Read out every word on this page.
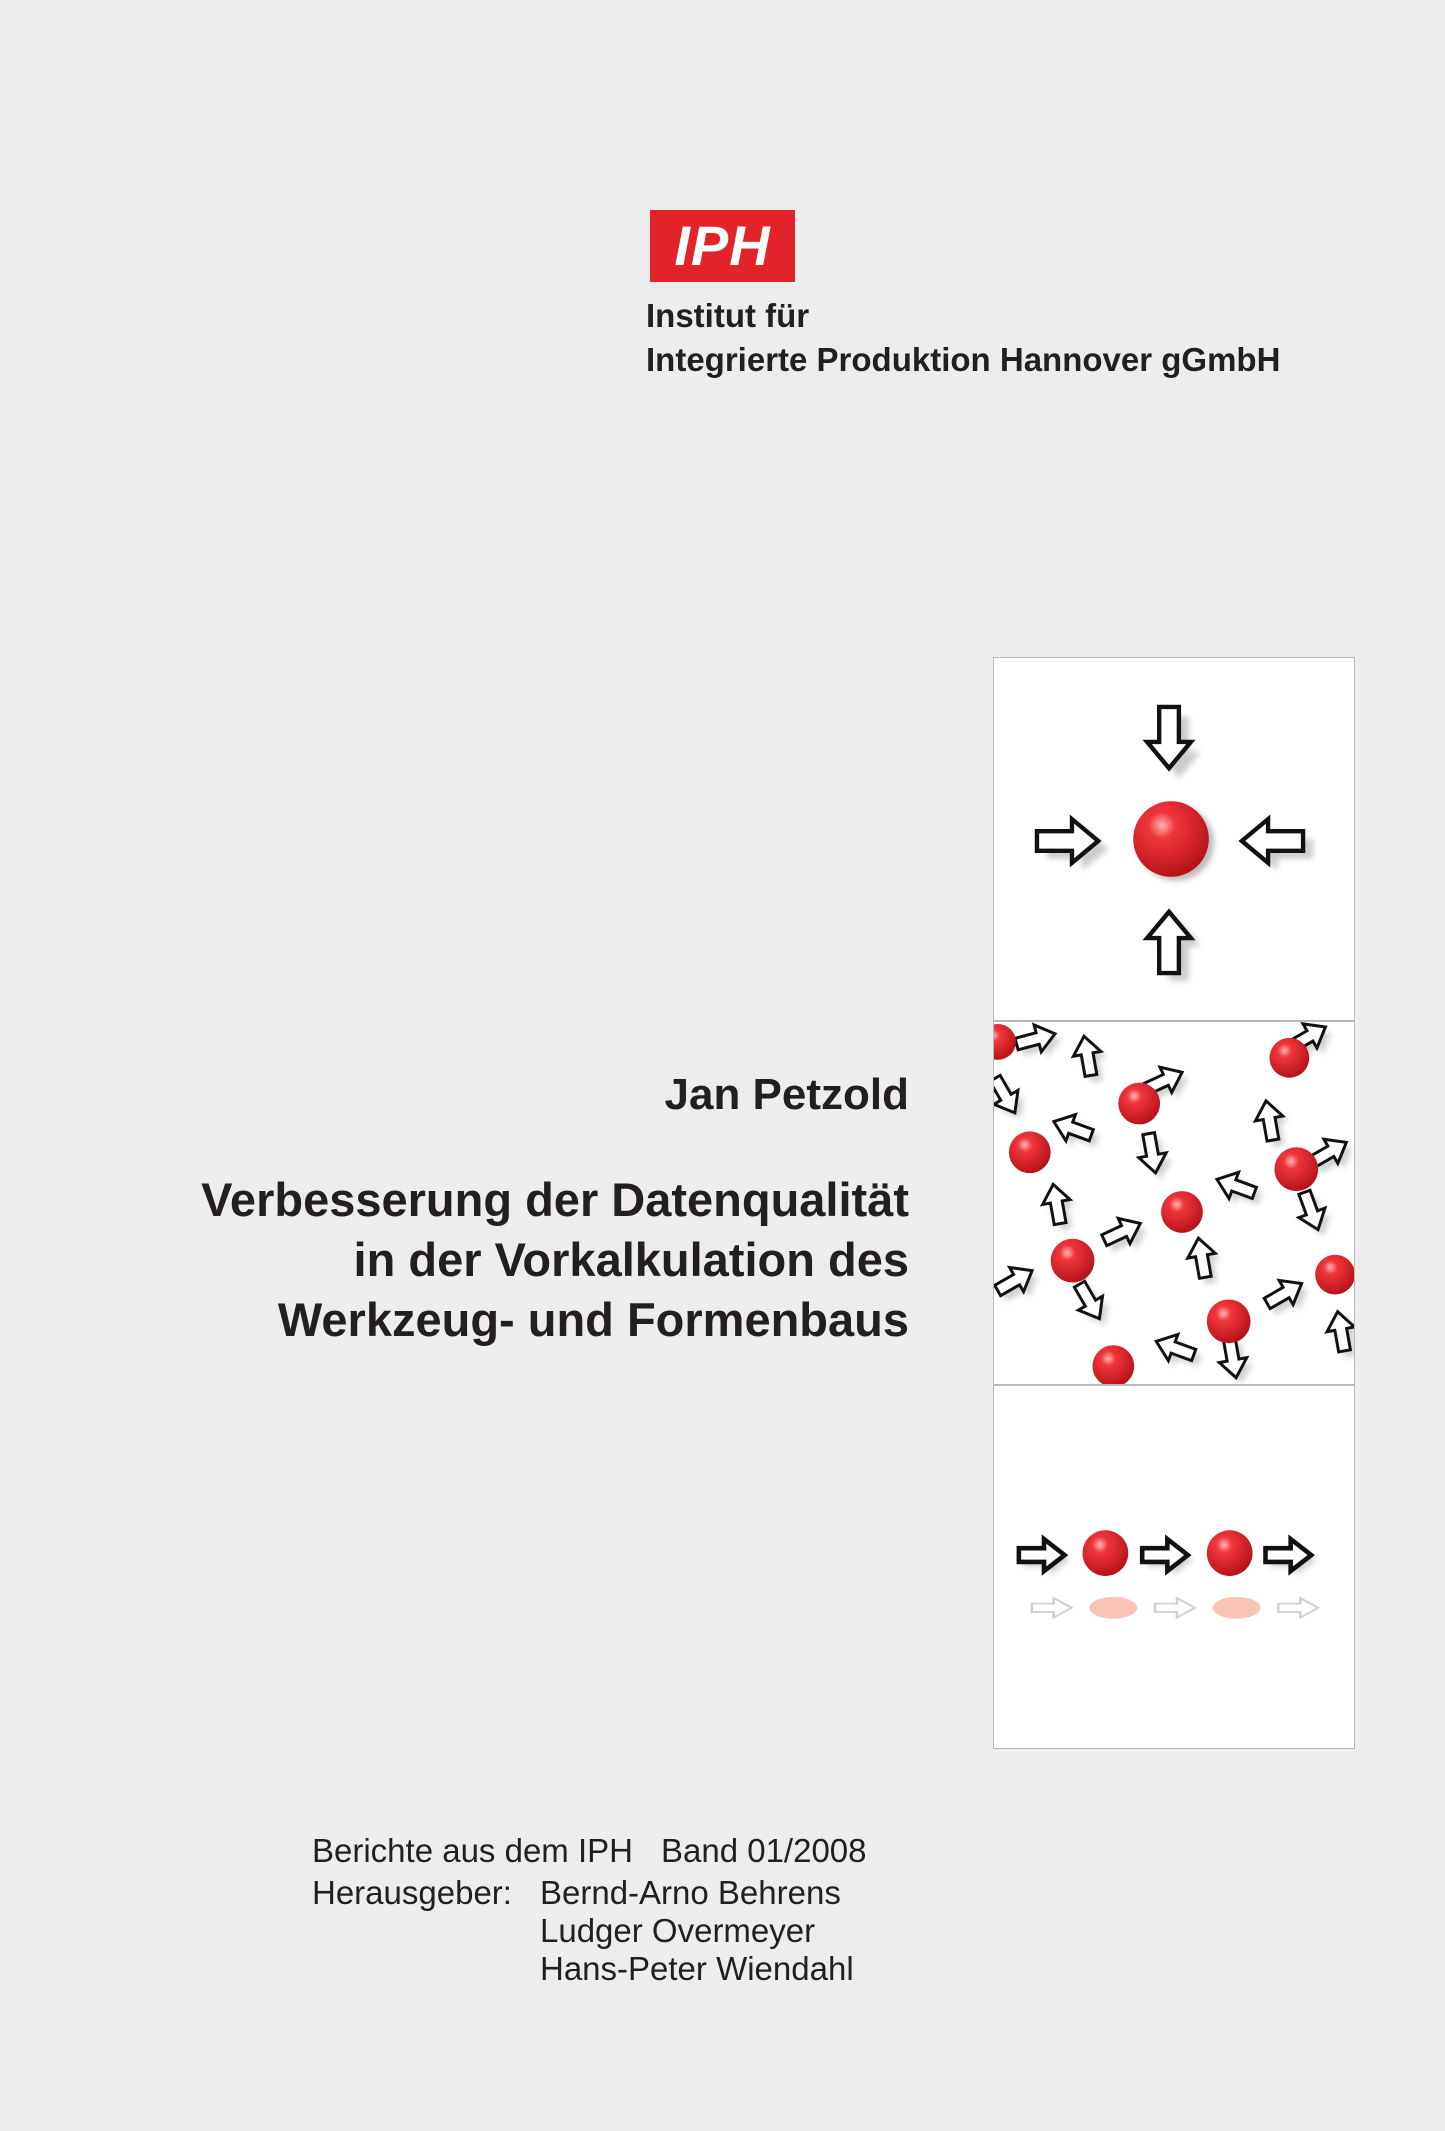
IPH
Institut für
Integrierte Produktion Hannover gGmbH
Jan Petzold
Verbesserung der Datenqualität
in der Vorkalkulation des
Werkzeug- und Formenbaus
Berichte aus dem IPH Band 01/2008
Herausgeber: Bernd-Arno Behrens
Ludger Overmeyer
Hans-Peter Wiendahl
